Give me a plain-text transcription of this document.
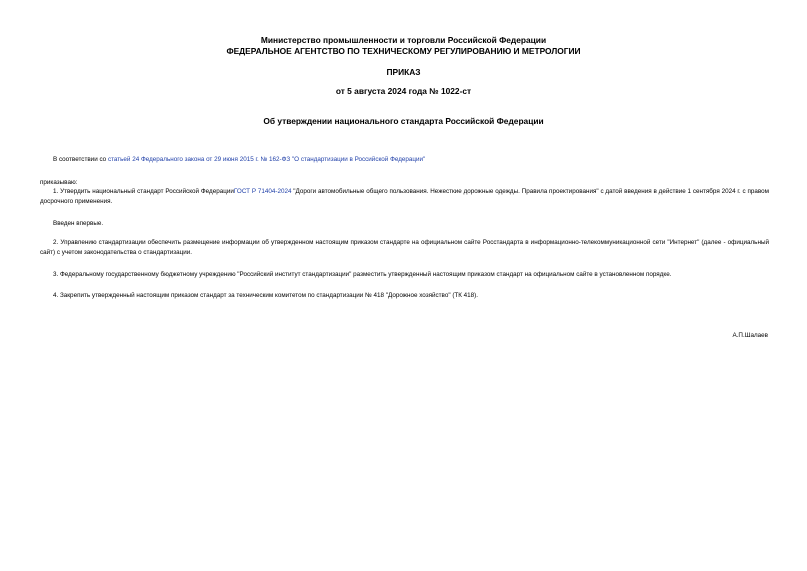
Министерство промышленности и торговли Российской Федерации
ФЕДЕРАЛЬНОЕ АГЕНТСТВО ПО ТЕХНИЧЕСКОМУ РЕГУЛИРОВАНИЮ И МЕТРОЛОГИИ
ПРИКАЗ
от 5 августа 2024 года № 1022-ст
Об утверждении национального стандарта Российской Федерации
В соответствии со статьей 24 Федерального закона от 29 июня 2015 г. № 162-ФЗ "О стандартизации в Российской Федерации"
приказываю:
1. Утвердить национальный стандарт Российской ФедерацииГОСТ Р 71404-2024 "Дороги автомобильные общего пользования. Нежесткие дорожные одежды. Правила проектирования" с датой введения в действие 1 сентября 2024 г. с правом досрочного применения.
Введен впервые.
2. Управлению стандартизации обеспечить размещение информации об утвержденном настоящим приказом стандарте на официальном сайте Росстандарта в информационно-телекоммуникационной сети "Интернет" (далее - официальный сайт) с учетом законодательства о стандартизации.
3. Федеральному государственному бюджетному учреждению "Российский институт стандартизации" разместить утвержденный настоящим приказом стандарт на официальном сайте в установленном порядке.
4. Закрепить утвержденный настоящим приказом стандарт за техническим комитетом по стандартизации № 418 "Дорожное хозяйство" (ТК 418).
А.П.Шалаев
